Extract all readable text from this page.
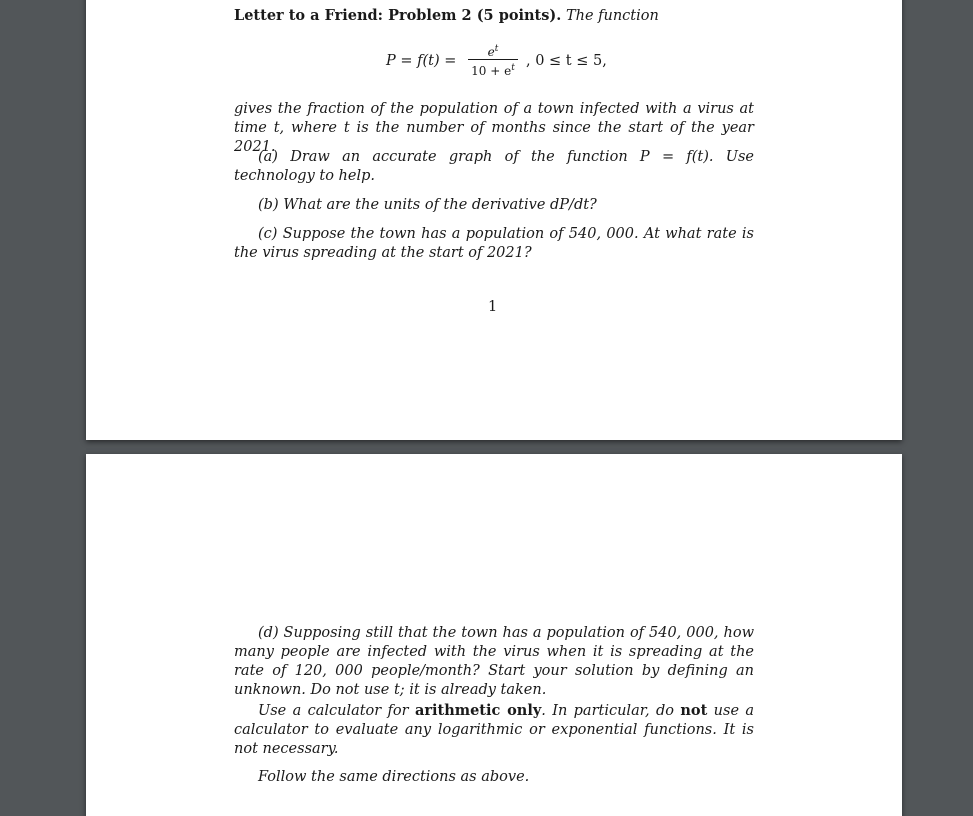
Letter to a Friend: Problem 2 (5 points). The function
P = f(t) =
$e^t$
$10 + e^t$ , 0 ≤ t ≤ 5,
gives the fraction of the population of a town infected with a virus at time t, where t is the number of months since the start of the year 2021.
(a) Draw an accurate graph of the function P = f(t). Use technology to help.
(b) What are the units of the derivative dP/dt?
(c) Suppose the town has a population of 540, 000. At what rate is the virus spreading at the start of 2021?
1
(d) Supposing still that the town has a population of 540, 000, how many people are infected with the virus when it is spreading at the rate of 120, 000 people/month? Start your solution by defining an unknown. Do not use t; it is already taken.
Use a calculator for arithmetic only. In particular, do not use a calculator to evaluate any logarithmic or exponential functions. It is not necessary.
Follow the same directions as above.
